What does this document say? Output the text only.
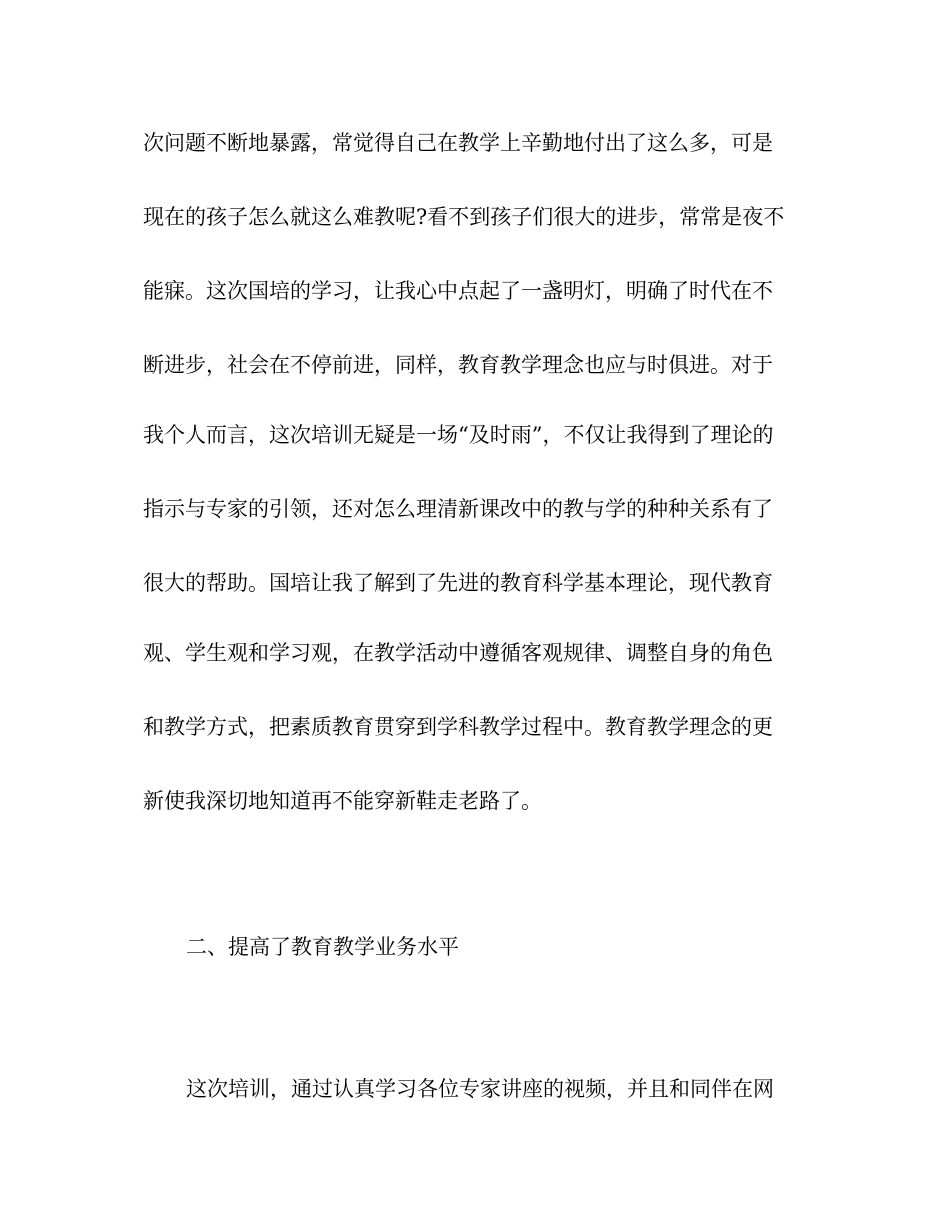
次问题不断地暴露，常觉得自己在教学上辛勤地付出了这么多，可是
现在的孩子怎么就这么难教呢?看不到孩子们很大的进步，常常是夜不
能寐。这次国培的学习，让我心中点起了一盏明灯，明确了时代在不
断进步，社会在不停前进，同样，教育教学理念也应与时俱进。对于
我个人而言，这次培训无疑是一场“及时雨”，不仅让我得到了理论的
指示与专家的引领，还对怎么理清新课改中的教与学的种种关系有了
很大的帮助。国培让我了解到了先进的教育科学基本理论，现代教育
观、学生观和学习观，在教学活动中遵循客观规律、调整自身的角色
和教学方式，把素质教育贯穿到学科教学过程中。教育教学理念的更
新使我深切地知道再不能穿新鞋走老路了。
二、提高了教育教学业务水平
这次培训，通过认真学习各位专家讲座的视频，并且和同伴在网
